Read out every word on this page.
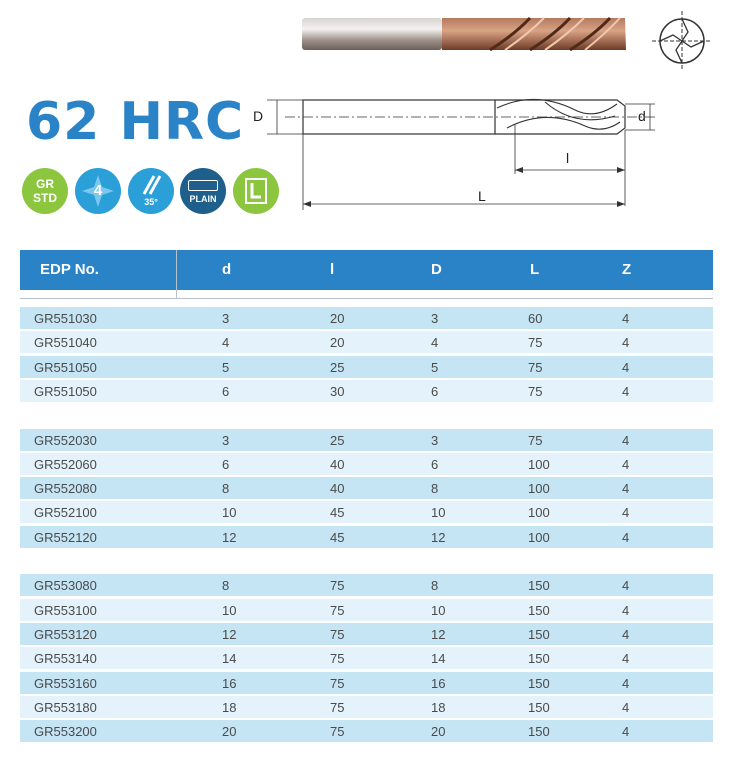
62 HRC
GR
STD	4
35°	PLAIN
D	d
l
L
EDP No.	d	l	D	L	Z
GR551030	3	20	3	60	4
GR551040	4	20	4	75	4
GR551050	5	25	5	75	4
GR551050	6	30	6	75	4
GR552030	3	25	3	75	4
GR552060	6	40	6	100	4
GR552080	8	40	8	100	4
GR552100	10	45	10	100	4
GR552120	12	45	12	100	4
GR553080	8	75	8	150	4
GR553100	10	75	10	150	4
GR553120	12	75	12	150	4
GR553140	14	75	14	150	4
GR553160	16	75	16	150	4
GR553180	18	75	18	150	4
GR553200	20	75	20	150	4
